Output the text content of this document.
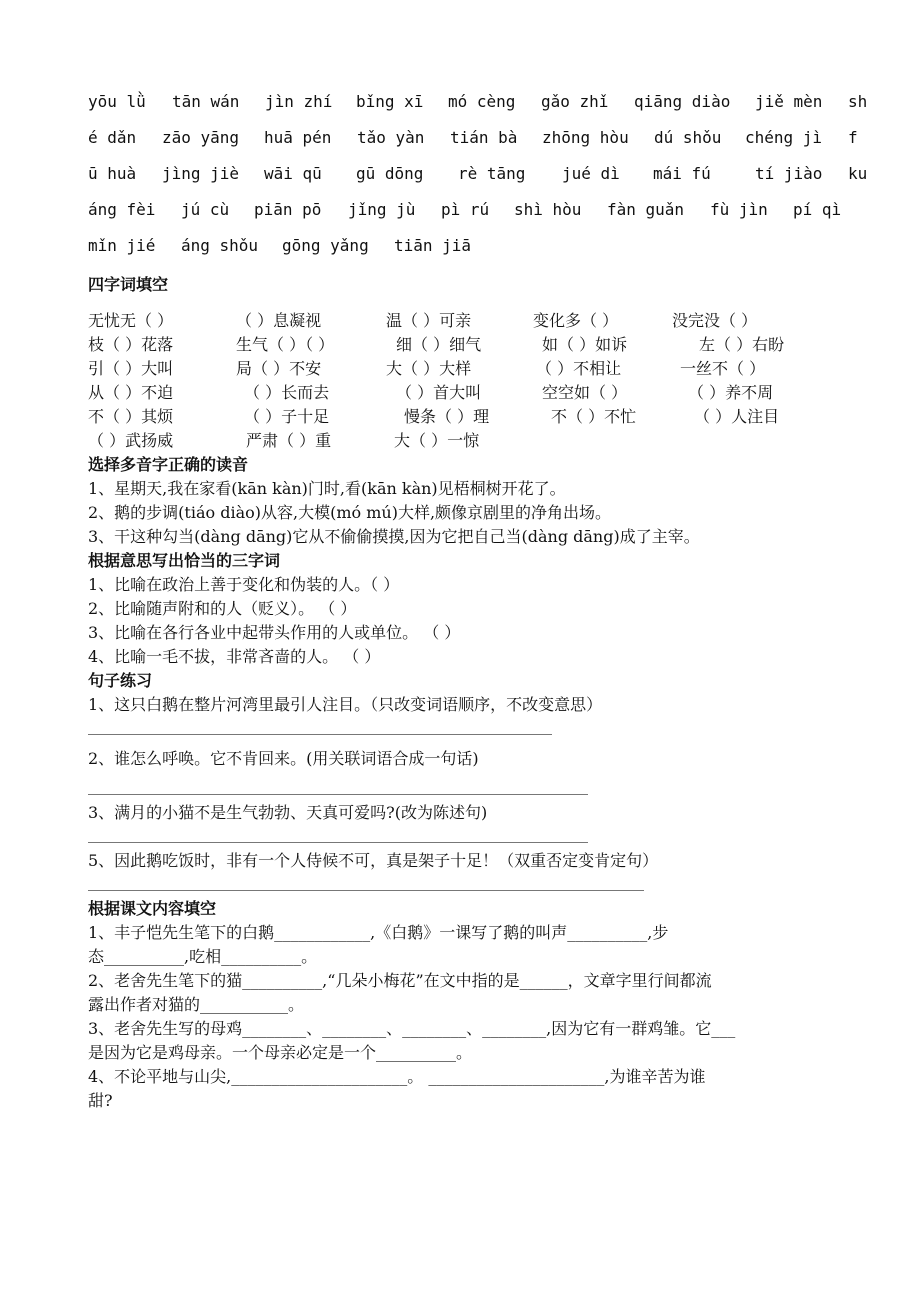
yōu lǜ tān wán jìn zhí bǐng xī mó cèng gǎo zhǐ qiāng diào jiě mèn sh
é dǎn zāo yāng huā pén tǎo yàn tián bà zhōng hòu dú shǒu chéng jì f
ū huà jìng jiè wāi qū gū dōng rè tāng jué dì mái fú	tí jiào ku
áng fèi jú cù piān pō jǐng jù pì rú shì hòu fàn guǎn fù jìn pí qì
mǐn jié áng shǒu gōng yǎng tiān jiā
四字词填空
无忧无（ ）	（ ）息凝视	温（ ）可亲	变化多（ ）	没完没（ ）
枝（ ）花落	生气（ ）（ ）	细（ ）细气	如（ ）如诉	左（ ）右盼
引（ ）大叫	局（ ）不安	大（ ）大样	（ ）不相让	一丝不（ ）
从（ ）不迫	（ ）长而去	（ ）首大叫	空空如（ ）	（ ）养不周
不（ ）其烦	（ ）子十足	慢条（ ）理	不（ ）不忙	（ ）人注目
（ ）武扬威	严肃（ ）重	大（ ）一惊
选择多音字正确的读音
1、星期天,我在家看(kān kàn)门时,看(kān kàn)见梧桐树开花了。
2、鹅的步调(tiáo diào)从容,大模(mó mú)大样,颇像京剧里的净角出场。
3、干这种勾当(dàng dāng)它从不偷偷摸摸,因为它把自己当(dàng dāng)成了主宰。
根据意思写出恰当的三字词
1、比喻在政治上善于变化和伪装的人。（ ）
2、比喻随声附和的人（贬义）。 （ ）
3、比喻在各行各业中起带头作用的人或单位。 （ ）
4、比喻一毛不拔，非常吝啬的人。 （ ）
句子练习
1、这只白鹅在整片河湾里最引人注目。（只改变词语顺序，不改变意思）
2、谁怎么呼唤。它不肯回来。(用关联词语合成一句话)
3、满月的小猫不是生气勃勃、天真可爱吗?(改为陈述句)
5、因此鹅吃饭时，非有一个人侍候不可，真是架子十足！（双重否定变肯定句）
根据课文内容填空
1、丰子恺先生笔下的白鹅____________,《白鹅》一课写了鹅的叫声__________,步
态__________,吃相__________。
2、老舍先生笔下的猫__________,“几朵小梅花”在文中指的是______，文章字里行间都流
露出作者对猫的___________。
3、老舍先生写的母鸡________、________、________、________,因为它有一群鸡雏。它___
是因为它是鸡母亲。一个母亲必定是一个__________。
4、不论平地与山尖,______________________。 ______________________,为谁辛苦为谁
甜?
